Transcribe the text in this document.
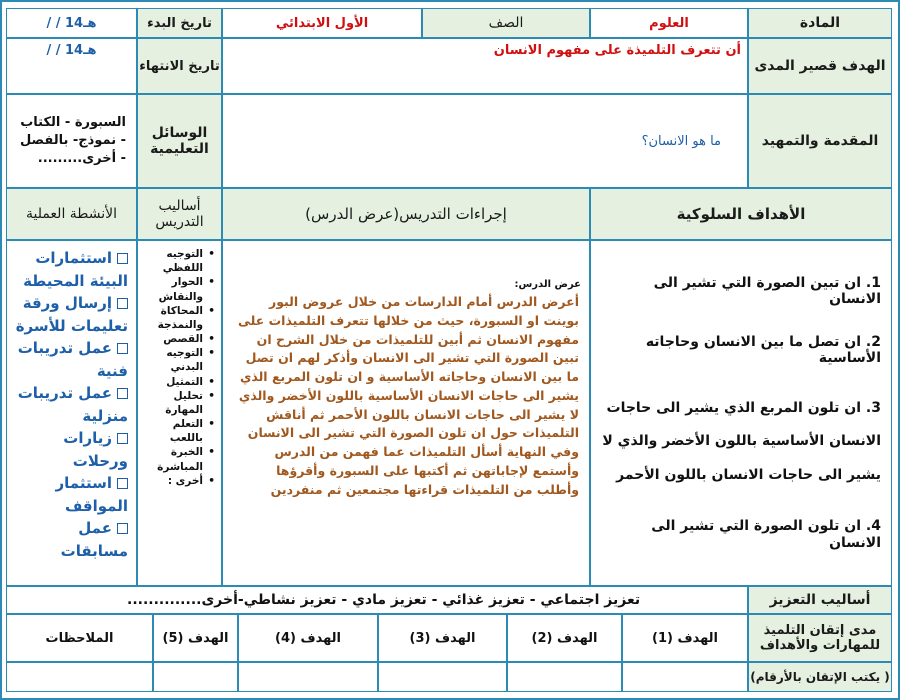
المادة
العلوم
الصف
الأول الابتدائي
تاريخ البدء
/ / 14هـ
الهدف قصير المدى
أن تتعرف التلميذة على مفهوم الانسان
تاريخ الانتهاء
/ / 14هـ
المقدمة والتمهيد
ما هو الانسان؟
الوسائل التعليمية
السبورة - الكتاب - نموذج- بالفصل - أخرى.........
الأهداف السلوكية
إجراءات التدريس(عرض الدرس)
أساليب التدريس
الأنشطة العملية
1. ان تبين الصورة التي تشير الى الانسان
2. ان تصل ما بين الانسان وحاجاته الأساسية
3. ان تلون المربع الذي يشير الى حاجات الانسان الأساسية باللون الأخضر والذي لا يشير الى حاجات الانسان باللون الأحمر
4. ان تلون الصورة التي تشير الى الانسان
عرض الدرس:
أعرض الدرس أمام الدارسات من خلال عروض البور بوينت او السبورة، حيث من خلالها تتعرف التلميذات على مفهوم الانسان ثم أبين للتلميذات من خلال الشرح ان تبين الصورة التي تشير الى الانسان وأذكر لهم ان تصل ما بين الانسان وحاجاته الأساسية و ان تلون المربع الذي يشير الى حاجات الانسان الأساسية باللون الأخضر والذي لا يشير الى حاجات الانسان باللون الأحمر ثم أناقش التلميذات حول ان تلون الصورة التي تشير الى الانسان وفي النهاية أسأل التلميذات عما فهمن من الدرس وأستمع لإجاباتهن ثم أكتبها على السبورة وأقرؤها وأطلب من التلميذات قراءتها مجتمعين ثم منفردين
• التوجيه اللفظي
• الحوار والنقاش
• المحاكاة والنمذجة
• القصص
• التوجيه البدني
• التمثيل
• تحليل المهارة
• التعلم باللعب
• الخبرة المباشرة
• أخرى :
استثمارات البيئة المحيطة
إرسال ورقة تعليمات للأسرة
عمل تدريبات فنية
عمل تدريبات منزلية
زيارات ورحلات
استثمار المواقف
عمل مسابقات
أساليب التعزيز
تعزيز اجتماعي - تعزيز غذائي - تعزيز مادي - تعزيز نشاطي-أخرى..............
مدى إتقان التلميذ للمهارات والأهداف
الهدف (1)
الهدف (2)
الهدف (3)
الهدف (4)
الهدف (5)
الملاحظات
( يكتب الإتقان بالأرقام)
